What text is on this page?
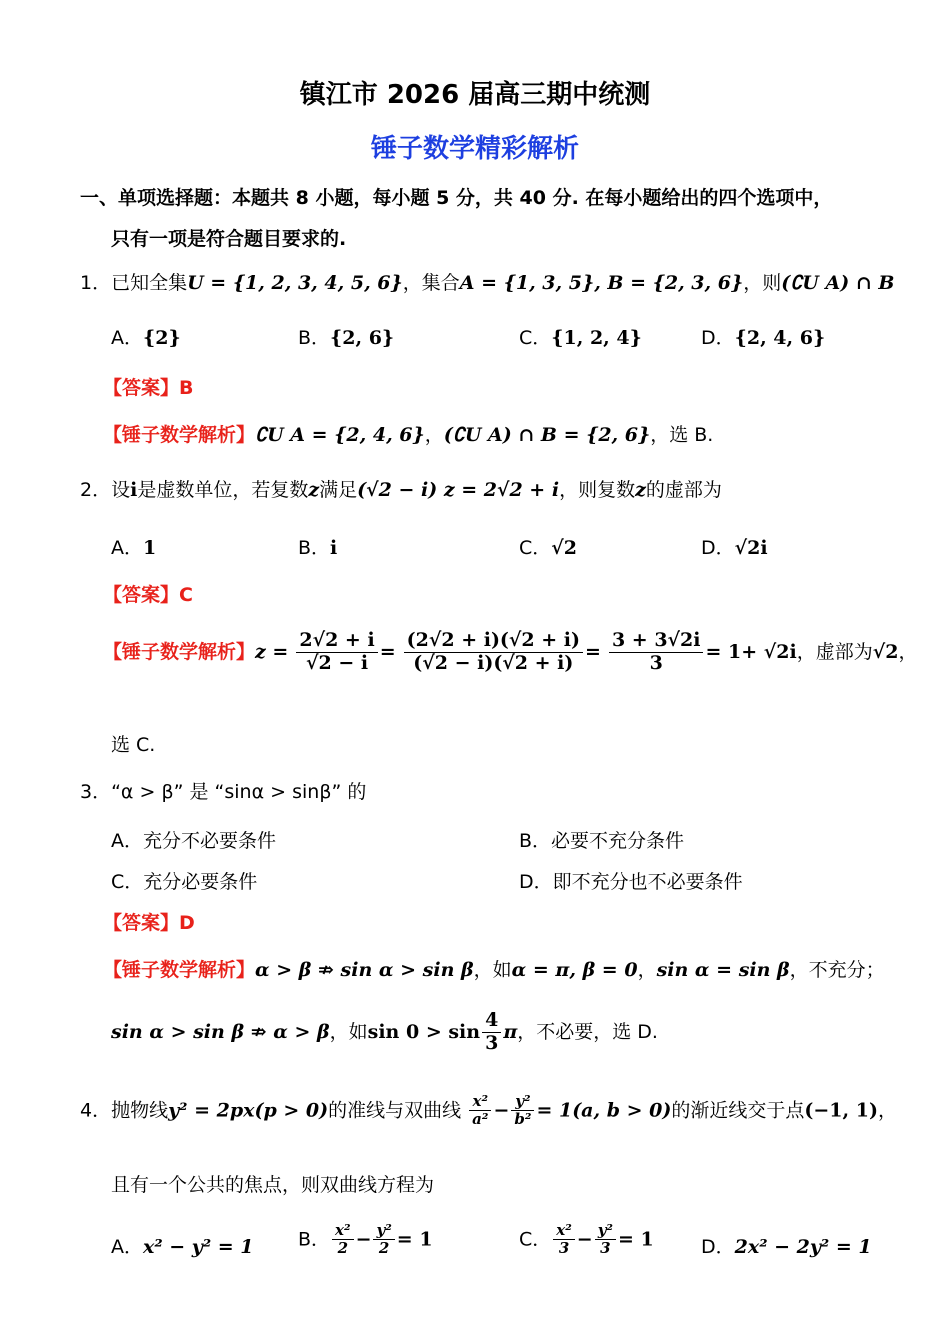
镇江市 2026 届高三期中统测
锤子数学精彩解析
一、单项选择题：本题共 8 小题，每小题 5 分，共 40 分. 在每小题给出的四个选项中，
只有一项是符合题目要求的.
1．已知全集U = {1, 2, 3, 4, 5, 6}，集合A = {1, 3, 5}, B = {2, 3, 6}，则(∁U A) ∩ B
A．{2}	B．{2, 6}	C．{1, 2, 4}	D．{2, 4, 6}
【答案】B
【锤子数学解析】∁U A = {2, 4, 6}，(∁U A) ∩ B = {2, 6}，选 B.
2．设i是虚数单位，若复数z满足(√2 − i) z = 2√2 + i，则复数z的虚部为
A．1	B．i	C．√2	D．√2i
【答案】C
【锤子数学解析】$z = \frac{2√2 + i}{√2 - i} = \frac{(2√2 + i)(√2 + i)}{(√2 - i)(√2 + i)} = \frac{3 + 3√2i}{3} = 1+ √2i$，虚部为√2，
选 C.
3．“α > β” 是 “sinα > sinβ” 的
A．充分不必要条件	B．必要不充分条件
C．充分必要条件	D．即不充分也不必要条件
【答案】D
【锤子数学解析】α > β ⇏ sin α > sin β，如α = π, β = 0，sin α = sin β，不充分；
sin α > sin β ⇏ α > β，如$\sin 0 > \sin \frac{4}{3}$ π，不必要，选 D.
4．抛物线y² = 2px(p > 0)的准线与双曲线 $\frac{\text{x²}}{\text{a²}} - \frac{\text{y²}}{\text{b²}} = 1(a$, b > 0)的渐近线交于点(−1, 1)，
且有一个公共的焦点，则双曲线方程为
A．x² − y² = 1 B． $\frac{\text{x²}}{2} - \frac{\text{y²}}{2} = 1$	C． $\frac{\text{x²}}{3} - \frac{\text{y²}}{3} = 1$ D．2x² − 2y² = 1
